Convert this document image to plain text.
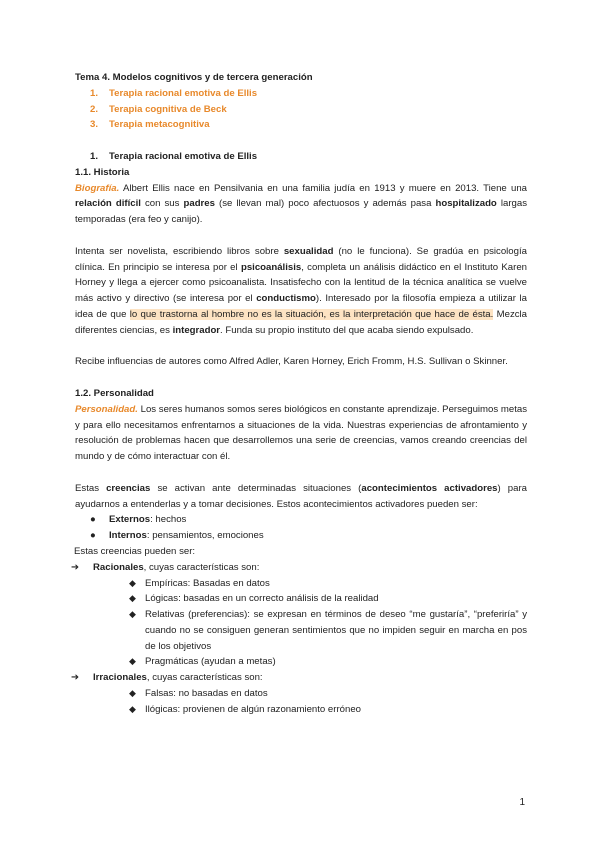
Tema 4. Modelos cognitivos y de tercera generación
1. Terapia racional emotiva de Ellis
2. Terapia cognitiva de Beck
3. Terapia metacognitiva
1. Terapia racional emotiva de Ellis
1.1. Historia

Biografía. Albert Ellis nace en Pensilvania en una familia judía en 1913 y muere en 2013. Tiene una relación difícil con sus padres (se llevan mal) poco afectuosos y además pasa hospitalizado largas temporadas (era feo y canijo).

Intenta ser novelista, escribiendo libros sobre sexualidad (no le funciona). Se gradúa en psicología clínica. En principio se interesa por el psicoanálisis, completa un análisis didáctico en el Instituto Karen Horney y llega a ejercer como psicoanalista. Insatisfecho con la lentitud de la técnica analítica se vuelve más activo y directivo (se interesa por el conductismo). Interesado por la filosofía empieza a utilizar la idea de que lo que trastorna al hombre no es la situación, es la interpretación que hace de ésta. Mezcla diferentes ciencias, es integrador. Funda su propio instituto del que acaba siendo expulsado.

Recibe influencias de autores como Alfred Adler, Karen Horney, Erich Fromm, H.S. Sullivan o Skinner.

1.2. Personalidad

Personalidad. Los seres humanos somos seres biológicos en constante aprendizaje. Perseguimos metas y para ello necesitamos enfrentarnos a situaciones de la vida. Nuestras experiencias de afrontamiento y resolución de problemas hacen que desarrollemos una serie de creencias, vamos creando creencias del mundo y de cómo interactuar con él.

Estas creencias se activan ante determinadas situaciones (acontecimientos activadores) para ayudarnos a entenderlas y a tomar decisiones. Estos acontecimientos activadores pueden ser:

● Externos: hechos
● Internos: pensamientos, emociones
Estas creencias pueden ser:
➔ Racionales, cuyas características son:
◆ Empíricas: Basadas en datos
◆ Lógicas: basadas en un correcto análisis de la realidad
◆ Relativas (preferencias): se expresan en términos de deseo “me gustaría”, “preferiría” y cuando no se consiguen generan sentimientos que no impiden seguir en marcha en pos de los objetivos
◆ Pragmáticas (ayudan a metas)
➔ Irracionales, cuyas características son:
◆ Falsas: no basadas en datos
◆ Ilógicas: provienen de algún razonamiento erróneo
1
